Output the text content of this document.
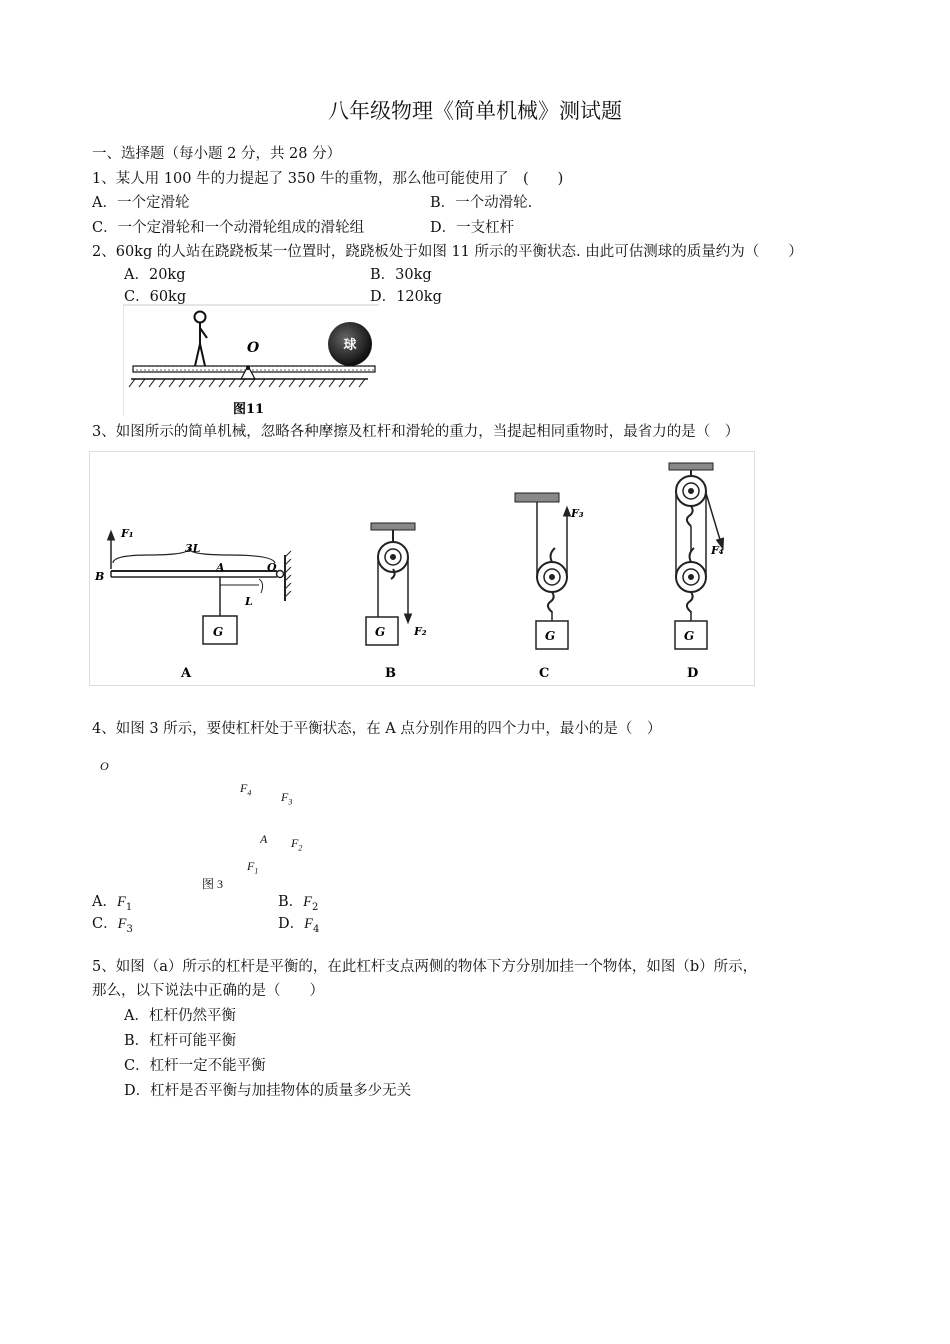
八年级物理《简单机械》测试题
一、选择题（每小题 2 分，共 28 分）
1、某人用 100 牛的力提起了 350 牛的重物，那么他可能使用了　(　　)
A．一个定滑轮	B．一个动滑轮.
C．一个定滑轮和一个动滑轮组成的滑轮组	D．一支杠杆
2、60kg 的人站在跷跷板某一位置时，跷跷板处于如图 11 所示的平衡状态. 由此可估测球的质量约为（　　）
A．20kg	B．30kg
C．60kg	D．120kg
球
O
图11
3、如图所示的简单机械，忽略各种摩擦及杠杆和滑轮的重力，当提起相同重物时，最省力的是（　）
F₁
3L
L
B
A	O
G
A
F₂
G
B
F₃
G
C
F₄
G
D
4、如图 3 所示，要使杠杆处于平衡状态，在 A 点分别作用的四个力中，最小的是（　）
O
$F_4$ $F_3$
A $F_2$
$F_1$
图 3
A．$F_1$	B．$F_2$
C．$F_3$	D．$F_4$
5、如图（a）所示的杠杆是平衡的，在此杠杆支点两侧的物体下方分别加挂一个物体，如图（b）所示，
那么，以下说法中正确的是（　　）
A．杠杆仍然平衡
B．杠杆可能平衡
C．杠杆一定不能平衡
D．杠杆是否平衡与加挂物体的质量多少无关
